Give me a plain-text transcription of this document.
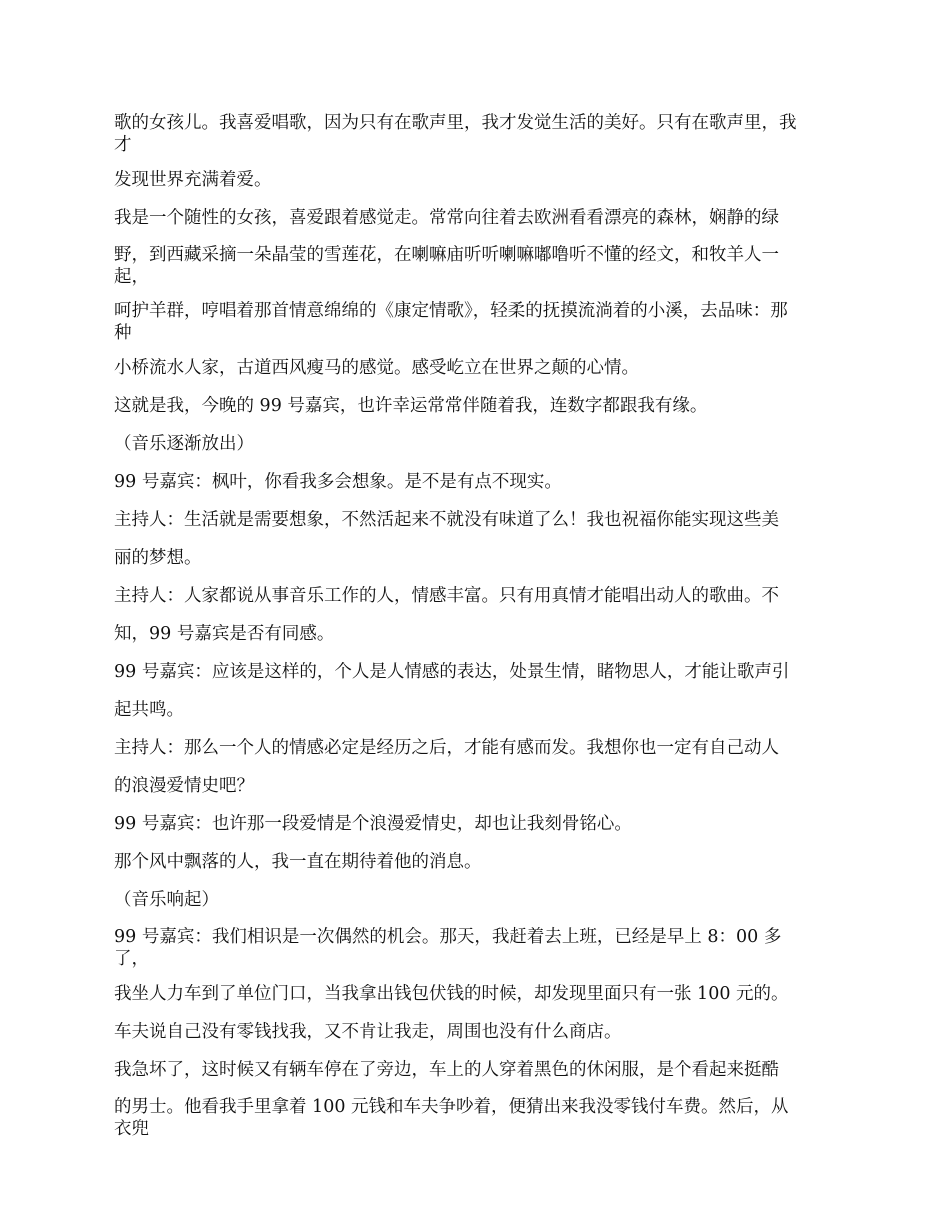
歌的女孩儿。我喜爱唱歌，因为只有在歌声里，我才发觉生活的美好。只有在歌声里，我

才

发现世界充满着爱。

我是一个随性的女孩，喜爱跟着感觉走。常常向往着去欧洲看看漂亮的森林，娴静的绿

野，到西藏采摘一朵晶莹的雪莲花，在喇嘛庙听听喇嘛嘟噜听不懂的经文，和牧羊人一

起，

呵护羊群，哼唱着那首情意绵绵的《康定情歌》，轻柔的抚摸流淌着的小溪，去品味：那

种

小桥流水人家，古道西风瘦马的感觉。感受屹立在世界之颠的心情。

这就是我，今晚的 99 号嘉宾，也许幸运常常伴随着我，连数字都跟我有缘。

（音乐逐渐放出）

99 号嘉宾：枫叶，你看我多会想象。是不是有点不现实。

主持人：生活就是需要想象，不然活起来不就没有味道了么！我也祝福你能实现这些美

丽的梦想。

主持人：人家都说从事音乐工作的人，情感丰富。只有用真情才能唱出动人的歌曲。不

知，99 号嘉宾是否有同感。

99 号嘉宾：应该是这样的，个人是人情感的表达，处景生情，睹物思人，才能让歌声引

起共鸣。

主持人：那么一个人的情感必定是经历之后，才能有感而发。我想你也一定有自己动人

的浪漫爱情史吧？

99 号嘉宾：也许那一段爱情是个浪漫爱情史，却也让我刻骨铭心。

那个风中飘落的人，我一直在期待着他的消息。

（音乐响起）

99 号嘉宾：我们相识是一次偶然的机会。那天，我赶着去上班，已经是早上 8：00 多

了，

我坐人力车到了单位门口，当我拿出钱包伏钱的时候，却发现里面只有一张 100 元的。

车夫说自己没有零钱找我，又不肯让我走，周围也没有什么商店。

我急坏了，这时候又有辆车停在了旁边，车上的人穿着黑色的休闲服，是个看起来挺酷

的男士。他看我手里拿着 100 元钱和车夫争吵着，便猜出来我没零钱付车费。然后，从

衣兜
